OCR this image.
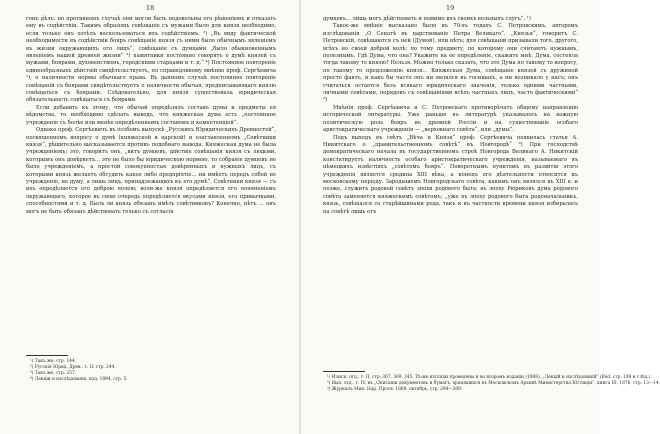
18

гонъ дѣлъ; но противномъ случаѣ они могли быть недовольны его рѣшеніемъ и отказать ему въ содѣйствіи. Такимъ образомъ совѣщаніе съ мужами было для князя необходимо, если только онъ хотѣлъ воспользоваться ихъ содѣйствіемъ. ²) „Въ виду фактической необходимости въ содѣйствіи бояръ совѣщаніе князя съ ними было обычнымъ явленіемъ въ жизни окружающихъ его лицъ“, совѣщаніе съ думцами „было обыкновеннымъ явленіемъ нашей древней жизни“ ³) памятники постоянно говорятъ о думѣ князей съ мужами, боярами, духовенствомъ, городскими старцами и т. д.“ ⁴) Постоянное повтореніе единообразныхъ дѣйствій свидѣтельствуетъ, по справедливому мнѣнію проф. Сергѣевича ¹), о наличности нормы обычнаго права. Въ данномъ случаѣ постоянное повтореніе совѣщаній съ боярами свидѣтельствуетъ о наличности обычая, предписывающаго князю совѣщаться съ боярами. Слѣдовательно, для князя существовала юридическая обязательность совѣщаться съ боярами.

Если добавить къ этому, что обычай опредѣлялъ составъ думы и предметы ея вѣдомства, то необходимо сдѣлать выводъ, что княжеская дума есть „постоянное учрежденіе съ болѣе или менѣе опредѣленнымъ составомъ и компетенціей“.

Однако проф. Сергѣевичъ въ особомъ выпускѣ „Русскихъ Юридическихъ Древностей“, посвященномъ вопросу о думѣ (княжеской и царской) и озаглавленномъ „Совѣтники князя“, рѣшительно высказывается противъ подобнаго вывода. Княжеская дума не была учрежденіемъ; это, говоритъ онъ, „витъ думцевъ, дійствіе совѣщанія князя съ людьми, которымъ онъ довѣряетъ... это не было бы юридическою нормою, то собраніе думцевъ не было учрежденіемъ, а простой совокупностью довѣренныхъ и нужныхъ лицъ, съ которыми князь желаетъ обсудить какое либо предпріятіе... ни имѣетъ передъ собой не учрежденіе, не думу, а лишь лицъ, принадлежащихъ къ его думѣ“. Совѣтники князя — съ ихъ опредѣляется его доброю волею; воли-же князя опредѣляется его поняненіемъ окружающаго, которое въ свою очередь опредѣляется вкусами князя, его привычками, способностями и т. д. Былъ ли князь обязанъ имѣть совѣтниковъ? Конечно, нѣтъ ... онъ могъ не быть обязанъ дѣйствовать только съ согласія

¹) Такъ же, стр. 144.
²) Русскія Юрид. Древ., т. II, стр. 244.
³) Такъ же, стр. 257.
⁴) Лекціи и изслѣдованія, изд. 1894, стр. 5.
19

думцевъ... лишь могъ дѣйствовать и помимо ихъ своихъ вольныхъ слугъ“. ¹)

Такое-же мнѣніе высказано было въ 70-хъ годахъ С. Петровскимъ, авторомъ изслѣдованія „О Сенатѣ въ царствованіе Петра Великаго“. „Князья“, говоритъ С. Петровскій, совѣщаются съ ней (Думой), или нѣтъ; для совѣщаній призывали того, другого, всѣхъ но своей доброй волѣ; по тому предмету, по которому они считаютъ нужнымъ, полезнымъ. Гдѣ Дума, что она? Укажите на ее опредѣленіе, скажите мнѣ: Дума, состояла тогда такому то князю? Нельзя. Можно только сказать, что это Дума по такому то вопросу, по такому то предложенію князя... Княжеская Дума, совѣщаніе князей съ дружиной просто фактъ, и какъ бы часто онъ ни являлся въ госишахъ, а ни возникало у насъ; онъ считаться остается безъ всякаго юридическаго значенія, только одними частными, личными совѣтами, порядокъ съ совѣщаніями всѣхъ частныхъ лицъ, часто фактическими“ ²)

Мнѣнія проф. Сергѣевича и С. Петровскаго противорѣчатъ общему направленію исторической литературы. Уже раньше въ литературѣ указывалось на важную политическую роль бояръ въ древней Россіи и на существованіе особаго аристократическаго учрежденія — „верховнаго совѣта“, или „думы“.

Подъ выходъ въ свѣтъ „Вѣча и Князя“ проф. Сергѣевича появилась статья А. Никитскаго о „правительственномъ совѣтѣ“ въ Новгородѣ“ ³) При господствѣ демократическаго начала въ государственномъ строѣ Новгорода Великаго А. Никитскій констатируетъ наличность особаго аристократическаго учрежденія, называемаго въ нѣмецкихъ извѣстіяхъ „совѣтомъ бояръ“. Поворотнымъ пунктомъ въ развитіи этого учрежденія является средина XIII вѣка, а конецъ его дѣятельности относится къ московскому періоду. Зародышемъ Новгородскаго совѣта, какимъ онъ являлся въ XIII в. и позже, служитъ родовой совѣтъ эпохи родового быта; въ эпоху Рюриковъ дума родового совѣта заменяется княжескимъ совѣтомъ; „уже въ эпоху родового быта родоначальникъ, князь, совѣщался со старѣйшинами рода, такъ и въ частности времени князя избиралась на совѣтѣ лишь отъ

¹) Изыск. отд., т. II, стр. 367, 369, 345. Тѣ-же взгляды проведены и во второмъ изданіи (1898), „Лекцій и изслѣдованій“ (Ibid. стр. 198 и слѣд.).
²) Вып. отд., т. IV, въ „Описаніи документовъ и бумагъ, хранящихся въ Московскомъ Архивѣ Министерства Юстиціи“, книга III, 1876, стр. 13—14.
³) Журналъ Мин. Нар. Просв. 1869, октябрь, стр. 294—309.
